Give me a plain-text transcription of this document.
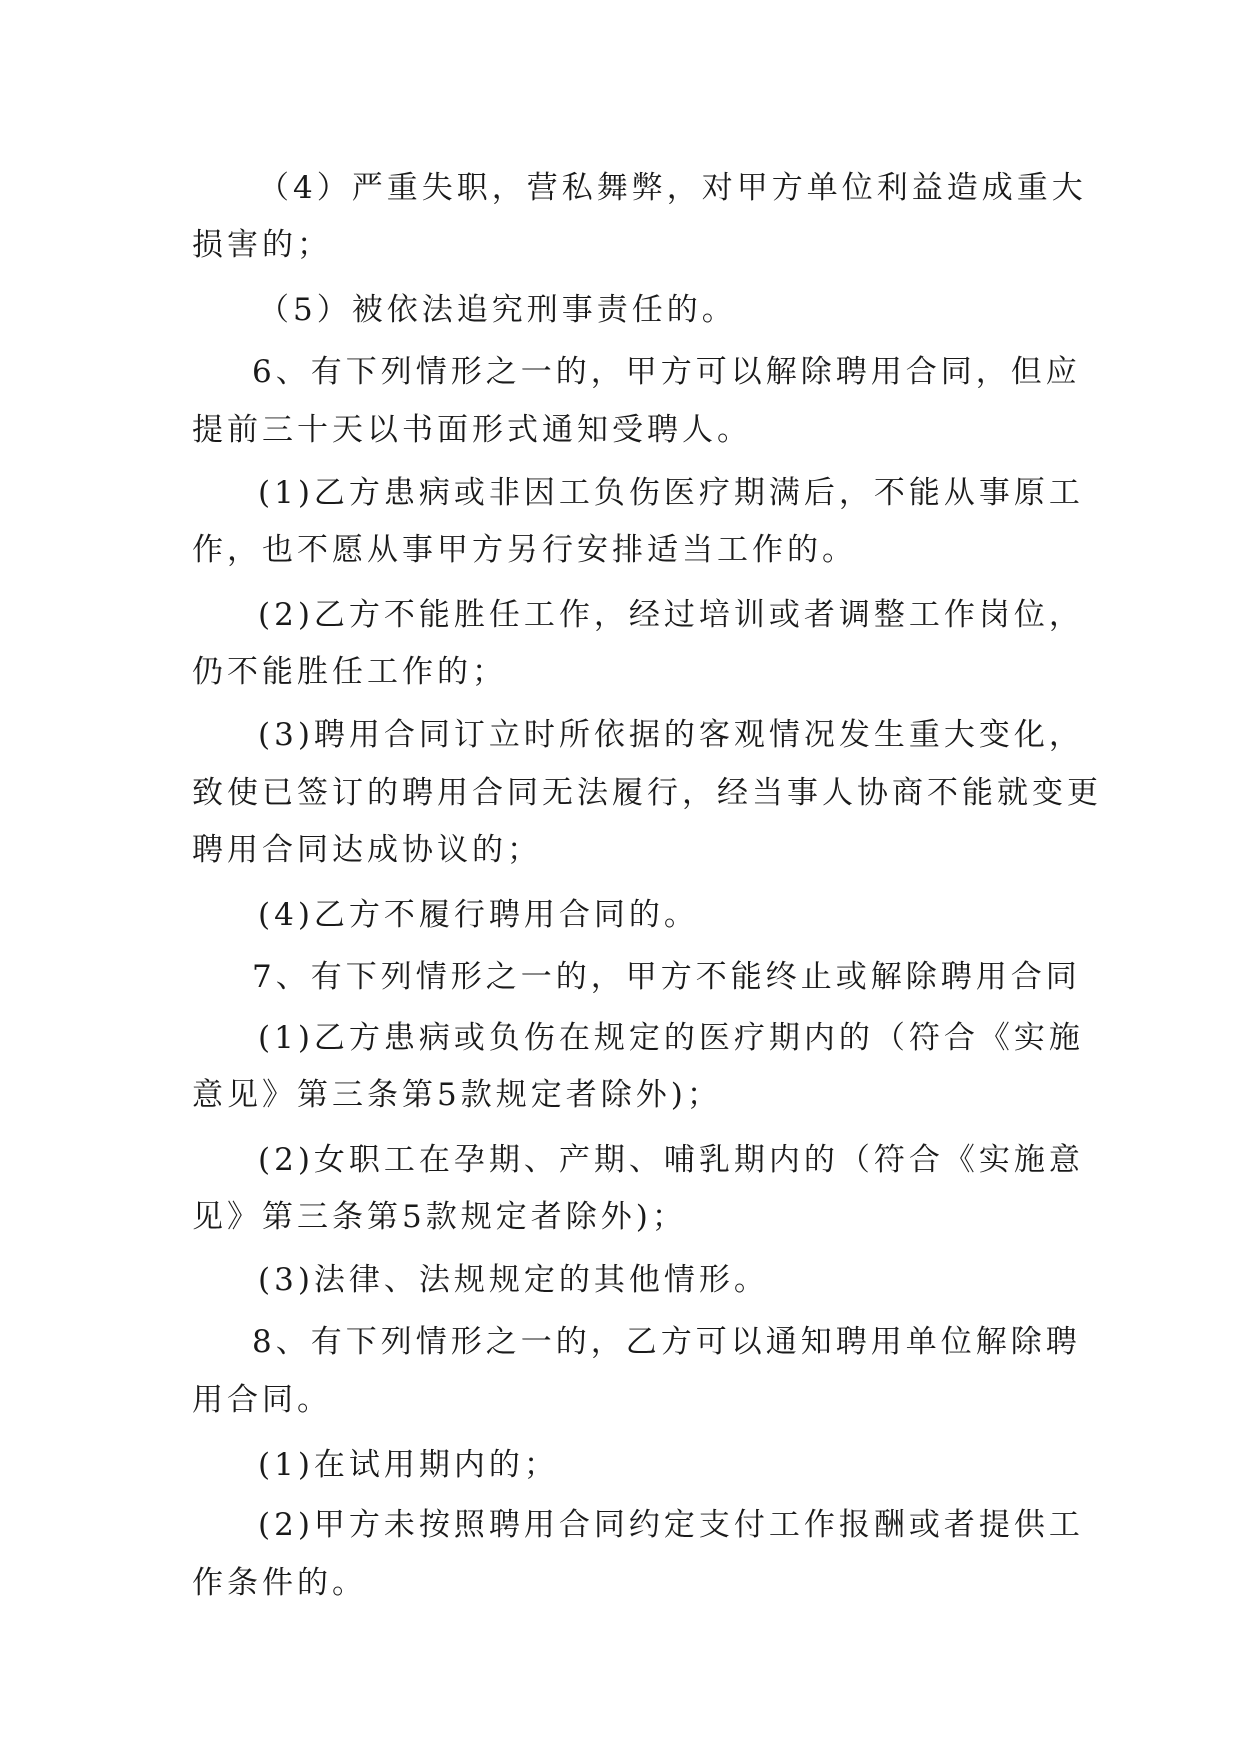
（4）严重失职，营私舞弊，对甲方单位利益造成重大
损害的；
（5）被依法追究刑事责任的。
6、有下列情形之一的，甲方可以解除聘用合同，但应
提前三十天以书面形式通知受聘人。
(1)乙方患病或非因工负伤医疗期满后，不能从事原工
作，也不愿从事甲方另行安排适当工作的。
(2)乙方不能胜任工作，经过培训或者调整工作岗位，
仍不能胜任工作的；
(3)聘用合同订立时所依据的客观情况发生重大变化，
致使已签订的聘用合同无法履行，经当事人协商不能就变更
聘用合同达成协议的；
(4)乙方不履行聘用合同的。
7、有下列情形之一的，甲方不能终止或解除聘用合同
(1)乙方患病或负伤在规定的医疗期内的（符合《实施
意见》第三条第5款规定者除外)；
(2)女职工在孕期、产期、哺乳期内的（符合《实施意
见》第三条第5款规定者除外)；
(3)法律、法规规定的其他情形。
8、有下列情形之一的，乙方可以通知聘用单位解除聘
用合同。
(1)在试用期内的；
(2)甲方未按照聘用合同约定支付工作报酬或者提供工
作条件的。
